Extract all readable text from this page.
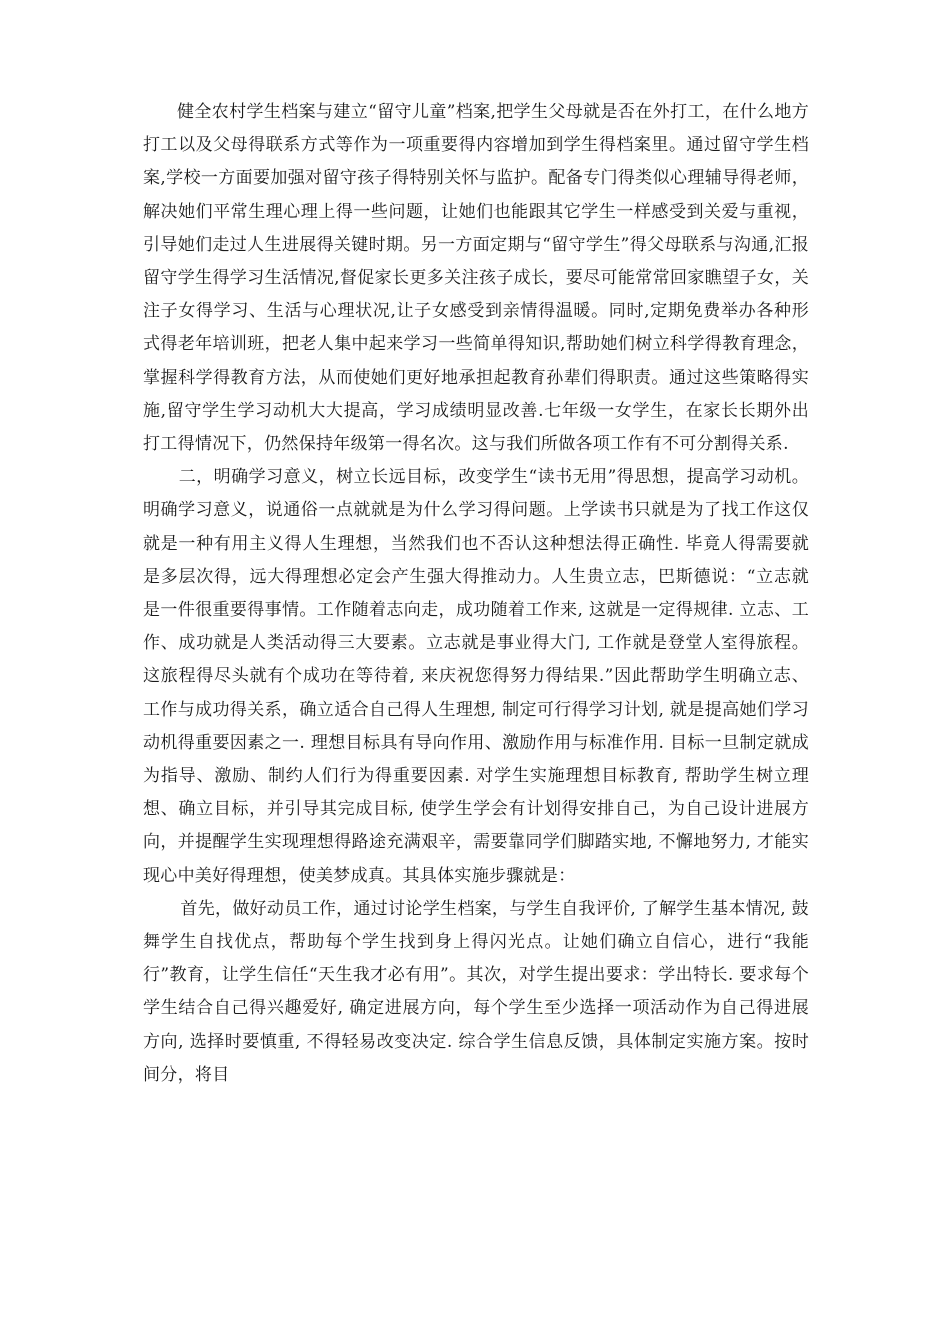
健全农村学生档案与建立“留守儿童”档案,把学生父母就是否在外打工，在什么地方打工以及父母得联系方式等作为一项重要得内容增加到学生得档案里。通过留守学生档案,学校一方面要加强对留守孩子得特别关怀与监护。配备专门得类似心理辅导得老师，解决她们平常生理心理上得一些问题，让她们也能跟其它学生一样感受到关爱与重视，引导她们走过人生进展得关键时期。另一方面定期与“留守学生”得父母联系与沟通,汇报留守学生得学习生活情况,督促家长更多关注孩子成长，要尽可能常常回家瞧望子女，关注子女得学习、生活与心理状况,让子女感受到亲情得温暖。同时,定期免费举办各种形式得老年培训班，把老人集中起来学习一些简单得知识,帮助她们树立科学得教育理念，掌握科学得教育方法，从而使她们更好地承担起教育孙辈们得职责。通过这些策略得实施,留守学生学习动机大大提高，学习成绩明显改善.七年级一女学生，在家长长期外出打工得情况下，仍然保持年级第一得名次。这与我们所做各项工作有不可分割得关系.

二，明确学习意义，树立长远目标，改变学生“读书无用”得思想，提高学习动机。明确学习意义，说通俗一点就就是为什么学习得问题。上学读书只就是为了找工作这仅就是一种有用主义得人生理想，当然我们也不否认这种想法得正确性. 毕竟人得需要就是多层次得，远大得理想必定会产生强大得推动力。人生贵立志，巴斯德说：“立志就是一件很重要得事情。工作随着志向走，成功随着工作来, 这就是一定得规律. 立志、工作、成功就是人类活动得三大要素。立志就是事业得大门, 工作就是登堂人室得旅程。这旅程得尽头就有个成功在等待着, 来庆祝您得努力得结果.”因此帮助学生明确立志、工作与成功得关系，确立适合自己得人生理想, 制定可行得学习计划, 就是提高她们学习动机得重要因素之一. 理想目标具有导向作用、激励作用与标准作用. 目标一旦制定就成为指导、激励、制约人们行为得重要因素. 对学生实施理想目标教育, 帮助学生树立理想、确立目标，并引导其完成目标, 使学生学会有计划得安排自己，为自己设计进展方向，并提醒学生实现理想得路途充满艰辛，需要靠同学们脚踏实地, 不懈地努力, 才能实现心中美好得理想，使美梦成真。其具体实施步骤就是：

首先，做好动员工作，通过讨论学生档案，与学生自我评价, 了解学生基本情况, 鼓舞学生自找优点，帮助每个学生找到身上得闪光点。让她们确立自信心，进行“我能行”教育，让学生信任“天生我才必有用”。其次，对学生提出要求：学出特长. 要求每个学生结合自己得兴趣爱好, 确定进展方向，每个学生至少选择一项活动作为自己得进展方向, 选择时要慎重, 不得轻易改变决定. 综合学生信息反馈，具体制定实施方案。按时间分，将目
